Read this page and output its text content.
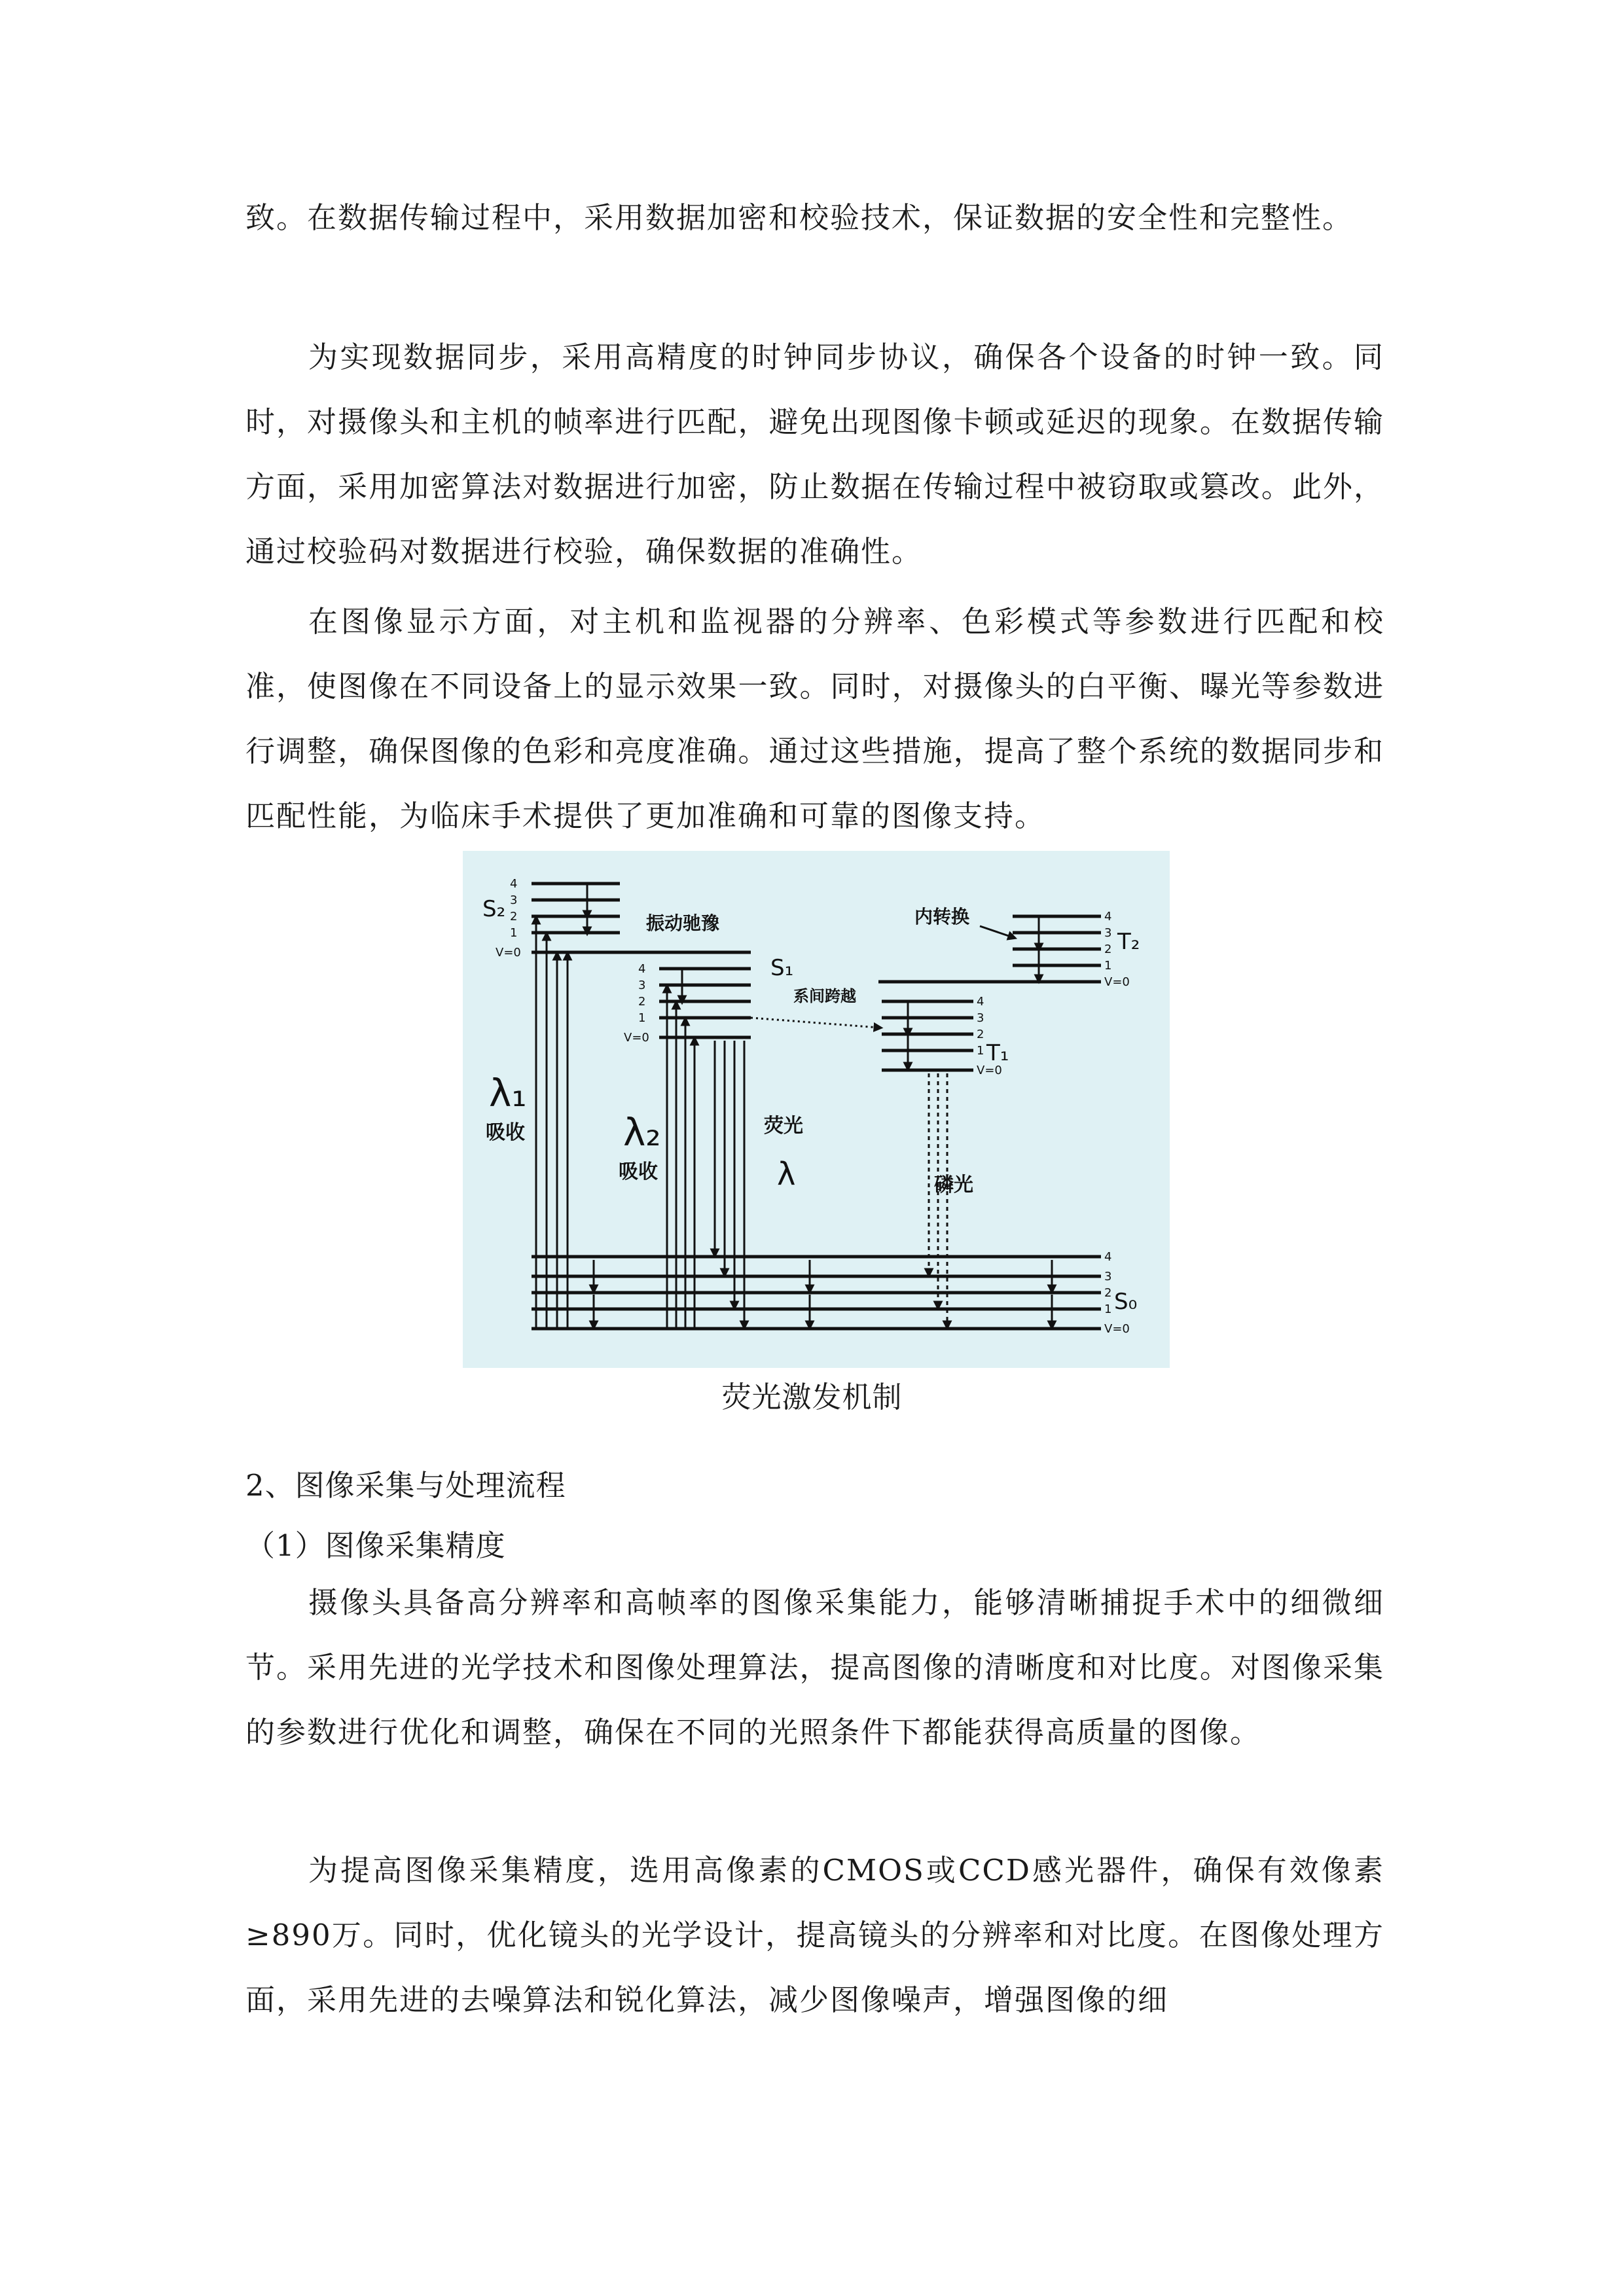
致。在数据传输过程中，采用数据加密和校验技术，保证数据的安全性和完整性。
为实现数据同步，采用高精度的时钟同步协议，确保各个设备的时钟一致。同时，对摄像头和主机的帧率进行匹配，避免出现图像卡顿或延迟的现象。在数据传输方面，采用加密算法对数据进行加密，防止数据在传输过程中被窃取或篡改。此外，通过校验码对数据进行校验，确保数据的准确性。
在图像显示方面，对主机和监视器的分辨率、色彩模式等参数进行匹配和校准，使图像在不同设备上的显示效果一致。同时，对摄像头的白平衡、曝光等参数进行调整，确保图像的色彩和亮度准确。通过这些措施，提高了整个系统的数据同步和匹配性能，为临床手术提供了更加准确和可靠的图像支持。
S₂
S₁
S₀
T₁
T₂
振动驰豫	内转换
系间跨越
λ₁
吸收	λ₂
吸收
荧光
λ	磷光
4
3
2
1
V=0
4
3
2
1
V=0
4
3
2
1
V=0
4
3
2
1
V=0
4
3
2
1
V=0
荧光激发机制
2、图像采集与处理流程
（1）图像采集精度
摄像头具备高分辨率和高帧率的图像采集能力，能够清晰捕捉手术中的细微细节。采用先进的光学技术和图像处理算法，提高图像的清晰度和对比度。对图像采集的参数进行优化和调整，确保在不同的光照条件下都能获得高质量的图像。
为提高图像采集精度，选用高像素的CMOS或CCD感光器件，确保有效像素≥890万。同时，优化镜头的光学设计，提高镜头的分辨率和对比度。在图像处理方面，采用先进的去噪算法和锐化算法，减少图像噪声，增强图像的细
